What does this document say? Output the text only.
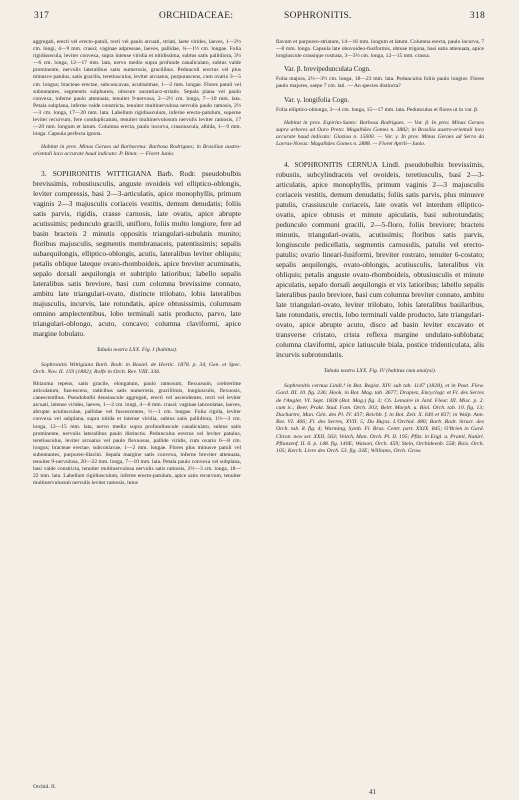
317	ORCHIDACEAE:	SOPHRONITIS.	318

aggregati, erecti vel erecto-patuli, recti vel paulo arcuati, striati, laete virides, laeves, 1—2½ cm. longi, 4—9 mm. crassi; vaginae adpressae, laeves, pallidae, ¼—1½ cm. longae. Folia rigidissecula, leviter convexa, supra intense viridia et nitidissima, subtus satis pallidiora, 3½—6 cm. longa, 12—17 mm. lata, nervo medio supra profunde canaliculato, subtus valde prominente, nervulis lateralibus satis numerosis, gracilibus. Pedunculi erectus vel plus minusve patulus, satis gracilis, teretiusculus, leviter arcuatus, purpurascens, cum ovario 3—5 cm. longus; bracteae erectae, subconcavae, acutissimae, 1—2 mm. longae. Flores patuli vel subnutantes, segmentis sulphureis, obscure aurantiaco-striatis. Sepala plana vel paulo convexa, inferne paulo attenuata, tenuiter 9-nervosa, 2—2½ cm. longa, 7—10 mm. lata. Petala subplana, inferne valde constricta, tenuiter multinervulosa nervulis paulo ramosis, 2½—3 cm. longa, 17—20 mm. lata. Labellum rigidiusculum, inferne erecto-patulum, superne leviter recurvum, fere conduplicatum, tenuiter multinervulosum nervulis leviter ramosis, 17—20 mm. longum et latum. Columna erecta, paulo incurva, crassiuscula, albida, 1—9 mm. longa. Capsula perfecta ignota.

Habitat in prov. Minas Geraes ad Barbacena: Barbosa Rodrigues; in Brasiliae austro-orientali loco accurate haud indicato: P. Binot. — Floret Junio.

3. SOPHRONITIS WITTIGIANA Barb. Rodr. pseudobulbis brevissimis, robustiusculis, anguste ovoideis vel elliptico-oblongis, leviter compressis, basi 2—3-articulatis, apice monophyllis, primum vaginis 2—3 majusculis coriaceis vestitis, demum denudatis; foliis satis parvis, rigidis, crasse carnosis, late ovatis, apice abrupte acutissimis; pedunculo gracili, unifloro, foliis multo longiore, fere ad basin bracteis 2 minutis oppositis triangulari-subulatis munito; floribus majusculis, segmentis membranaceis, patentissimis; sepalis subaequilongis, elliptico-oblongis, acutis, lateralibus leviter obliquis; petalis oblique lateque ovato-rhomboideis, apice breviter acuminatis, sepalo dorsali aequilongis et subtriplo latioribus; labello sepalis lateralibus satis breviore, basi cum columna brevissime connato, ambitu late triangulari-ovato, distincte trilobato, lobis lateralibus majusculis, incurvis, late rotundatis, apice obtusissimis, columnam omnino amplectentibus, lobo terminali satis producto, parvo, late triangulari-oblongo, acuto, concavo; columna claviformi, apice margine lobulato.

Tabula nostra LXX. Fig. I (habitus).

Sophronitis Wittigiana Barb. Rodr. in Boxiel. de Hortic. 1878. p. 34, Gen. et Spec. Orch. Nov. II. 159 (1882); Rolfe in Orch. Rev. VIII. 336.

Rhizoma repens, satis gracile, elongatum, paulo ramosum, flexuosum, crebrerime articulatum, fuscescens, radicibus satis numerosis, gracillimis, longiusculis, flexuosis, canescentibus. Pseudobulbi densiuscule aggregati, erecti vel ascendentes, recti vel leviter arcuati, intense virides, laeves, 1—2 cm. longi, 4—8 mm. crassi; vaginae lanceolatae, laeves, abrupte acutiusculae, pallidae vel fuscescentes, ½—1 cm. longae. Folia rigida, leviter convexa vel subplana, supra nitida et intense viridia, subtus satis pallidiora, 1½—3 cm. longa, 12—15 mm. lata, nervo medio supra profundiuscule canaliculato, subtus satis prominente, nervulis lateralibus paulo distinctis. Pedunculus erectus vel leviter patulus, teretiusculus, leviter arcuatus vel paulo flexuosus, pallide viridis, cum ovario 6—8 cm. longus; bracteae erectae, subconiavae, 1—2 mm. longae. Flores plus minusve patuli vel subnutantes, purpureo-lilacini. Sepala margine satis convexa, inferne breviter attenuata, tenuiter 9-nervulosa, 20—22 mm. longa, 7—10 mm. lata. Petala paulo convexa vel subplana, basi valde constricta, tenuiter multinervulosa nervulis satis ramosis, 2½—3 cm. longa, 18—22 mm. lata. Labellum rigidiusculum, inferne erecto-patulum, apice satis recurvum, tenuiter multinervulosum nervulis leviter ramosis, intus

flavum et purpureo-striatum, 14—16 mm. longum et latum. Columna erecta, paulo incurva, 7—8 mm. longa. Capsula late obovoideo-fusiformis, obtuse trigona, basi satis attenuata, apice longiuscule crassique rostrata, 3—3½ cm. longa, 12—15 mm. crassa.

Var. β. brevipedunculata Cogn.

Folia majora, 2½—3½ cm. longa, 18—23 mm. lata. Pedunculus foliis paulo longior. Flores paulo majores, saepe 7 cm. lati. — An species distincta?

Var. γ. longifolia Cogn.

Folia elliptico-oblonga, 3—4 cm. longa, 15—17 mm. lata. Pedunculus et flores ut in var. β.

Habitat in prov. Espirito-Santo: Barbosa Rodrigues. — Var. β. In prov. Minas Geraes supra arbores ad Ouro Preto: Magalhães Gomes n. 3882; in Brasilia austro-orientali loco accurate haud indicato: Glaziou n. 15600. — Var. γ. In prov. Minas Geraes ad Serra da Lavras-Novas: Magalhães Gomes n. 2888. — Floret Aprili—Junio.

4. SOPHRONITIS CERNUA Lindl. pseudobulbis brevissimis, robustis, subcylindraceis vel ovoideis, teretiusculis, basi 2—3-articulatis, apice monophyllis, primum vaginis 2—3 majusculis coriaceis vestitis, demum denudatis; foliis satis parvis, plus minusve patulis, crassiuscule coriaceis, late ovatis vel interdum elliptico-ovatis, apice obtusis et minute apiculatis, basi subrotundatis; pedunculo communi gracili, 2—5-floro, foliis breviore; bracteis minutis, triangulari-ovatis, acutissimis; floribus satis parvis, longiuscule pedicellatis, segmentis carnosulis, patulis vel erecto-patulis; ovario lineari-fusiformi, breviter rostrato, tenuiter 6-costato; sepalis aequilongis, ovato-oblongis, acutiusculis, lateralibus vix obliquis; petalis anguste ovato-rhomboideis, obtusiusculis et minute apiculatis, sepalo dorsali aequilongis et vix latioribus; labello sepalis lateralibus paulo breviore, basi cum columna breviter connato, ambitu late triangulari-ovato, leviter trilobato, lobis lateralibus basilaribus, late rotundatis, erectis, lobo terminali valde producto, late triangulari-ovato, apice abrupte acuto, disco ad basin leviter excavato et transverse cristato, crista reflexa margine undulato-sublobata; columna claviformi, apice latiuscule biala, postice tridenticulata, alis incurvis subrotundatis.

Tabula nostra LXX. Fig. IV (habitus cum analysi).

Sophronitis cernua Lindl.! in Bot. Regist. XIV. sub tab. 1147 (1828), et in Paxt. Flow. Gard. III. 10. fig. 236; Hook. in Bot. Mag. tab. 3677; Drapiez, Encyclogr. et Fl. des Serres de l'Anglet. VI. Sept. 1838 (Bot. Mag.) fig. 3; Ch. Lemaire in Jard. Fleur. III. Misc. p. 2. cum ic.; Beer, Prakt. Stud. Fam. Orch. 303; Beitr. Morph. u. Biol. Orch. tab. 10. fig. 13; Duchartre, Man. Gén. des Pl. IV. 437; Reichb. f. in Bot. Zeit. X. 640 et 837; in Walp. Ann. Bot. VI. 466; Fl. des Serres, XVII. 5; Du Buyss. L'Orchid. 480; Barb. Rodr. Struct. des Orch. tab. 8. fig. 4; Warming, Symb. Fl. Bras. Centr. part. XXIX. 845; O'Brien in Gard. Chron. new ser. XXII. 563; Veitch, Man. Orch. Pl. II. 195; Pfitz. in Engl. u. Prantl, Natürl. Pflanzenf. II. 6. p. 148. fig. 140E; Watson, Orch. 459; Stein, Orchideenb. 558; Bois. Orch. 105; Kerch. Livre des Orch. 53. fig. 33E; Williams, Orch. Grow.

Orchid. II.
41
